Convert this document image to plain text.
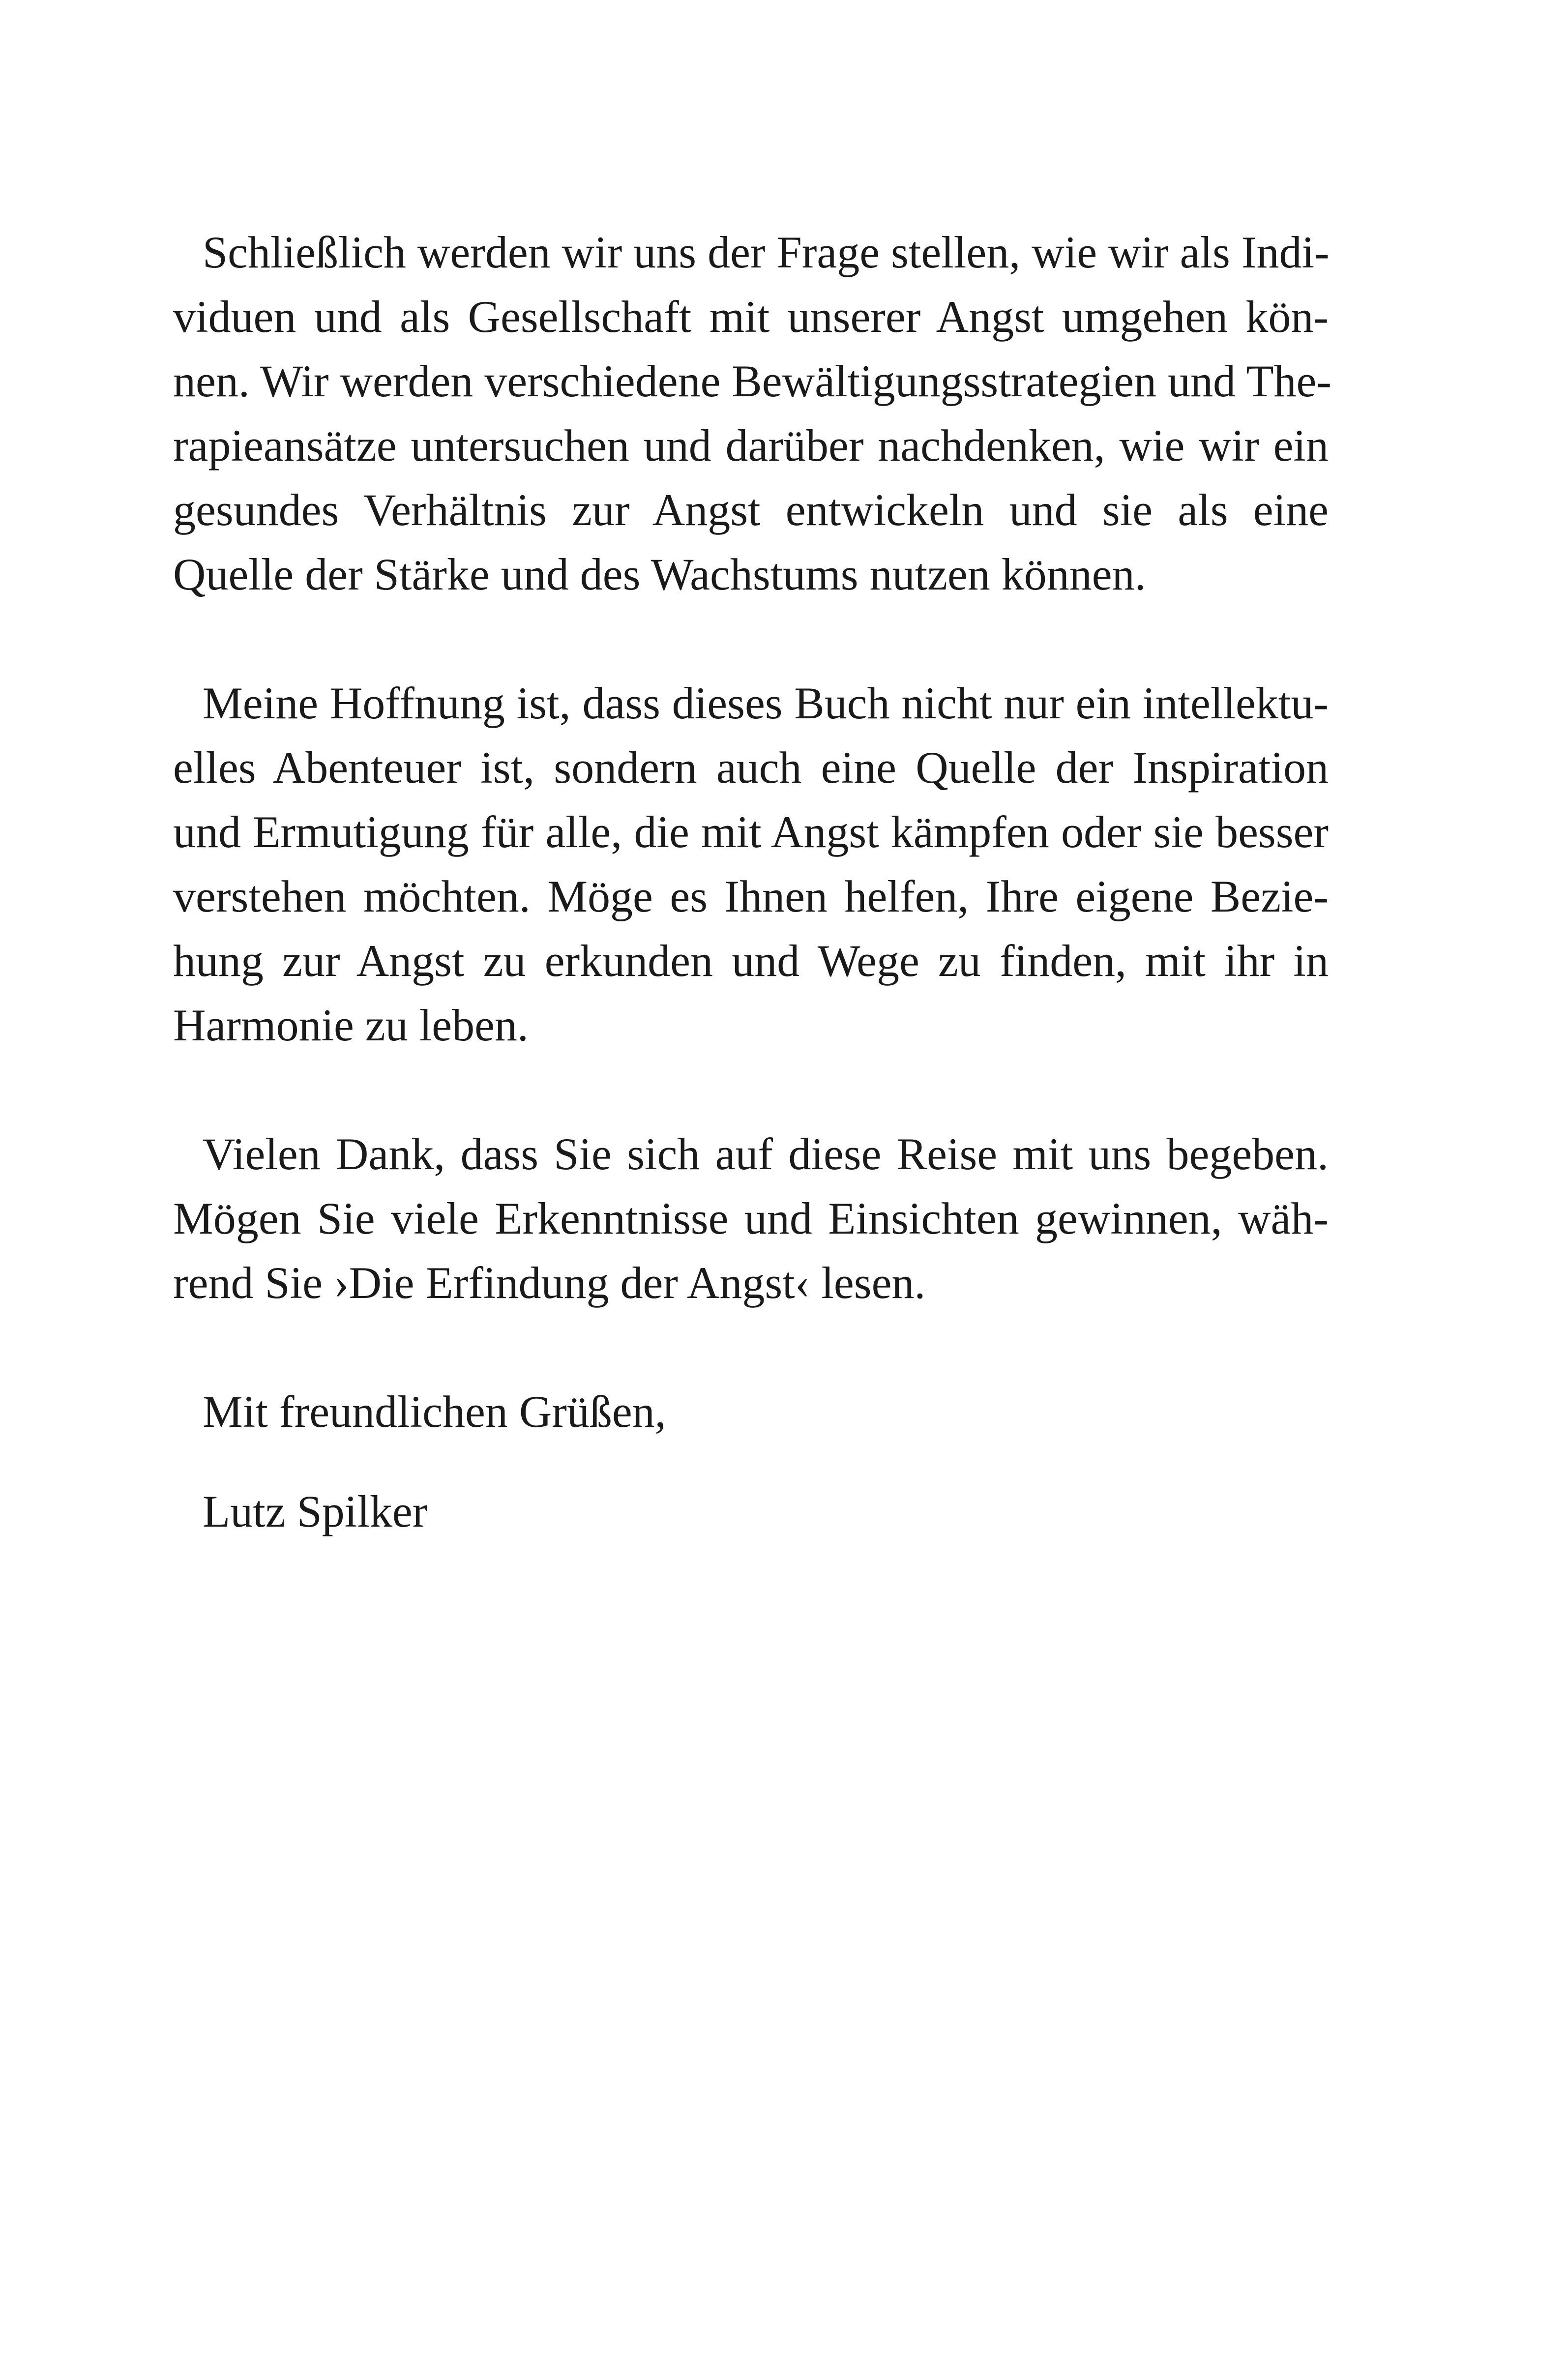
Schließlich werden wir uns der Frage stellen, wie wir als Indi-
viduen und als Gesellschaft mit unserer Angst umgehen kön-
nen. Wir werden verschiedene Bewältigungsstrategien und The-
rapieansätze untersuchen und darüber nachdenken, wie wir ein
gesundes Verhältnis zur Angst entwickeln und sie als eine
Quelle der Stärke und des Wachstums nutzen können.
Meine Hoffnung ist, dass dieses Buch nicht nur ein intellektu-
elles Abenteuer ist, sondern auch eine Quelle der Inspiration
und Ermutigung für alle, die mit Angst kämpfen oder sie besser
verstehen möchten. Möge es Ihnen helfen, Ihre eigene Bezie-
hung zur Angst zu erkunden und Wege zu finden, mit ihr in
Harmonie zu leben.
Vielen Dank, dass Sie sich auf diese Reise mit uns begeben.
Mögen Sie viele Erkenntnisse und Einsichten gewinnen, wäh-
rend Sie ›Die Erfindung der Angst‹ lesen.
Mit freundlichen Grüßen,
Lutz Spilker
